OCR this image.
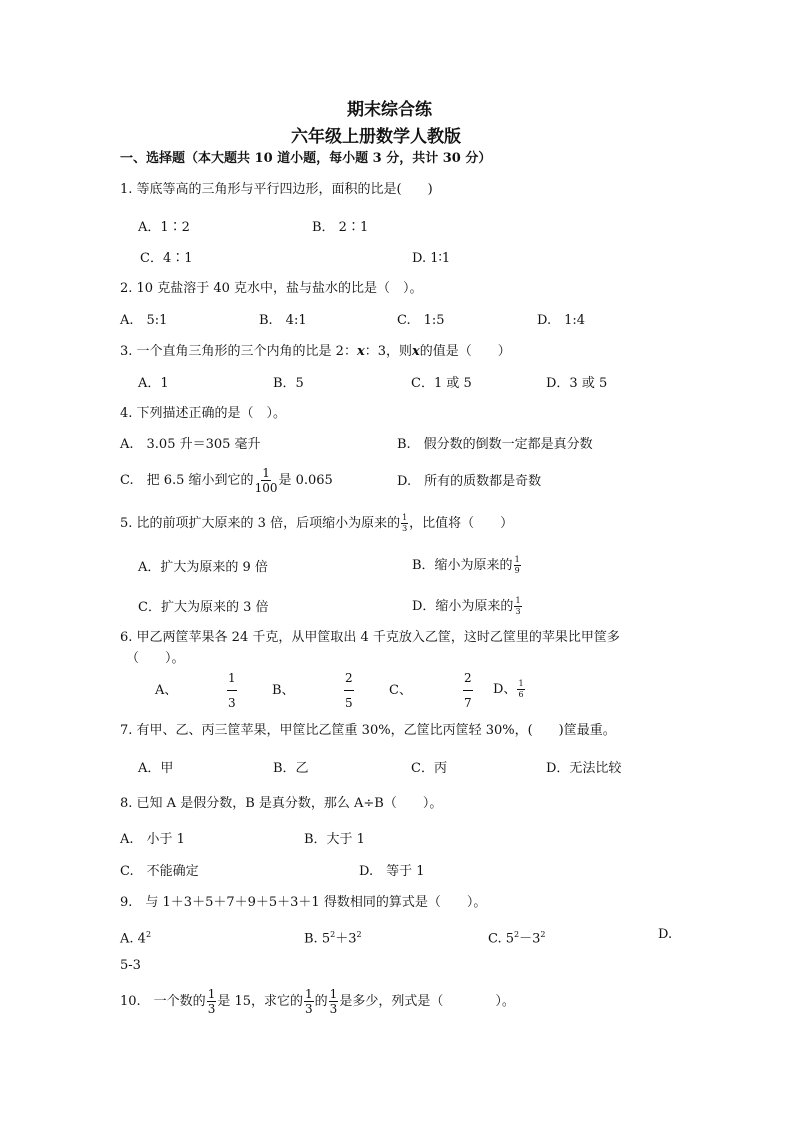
期末综合练
六年级上册数学人教版
一、选择题（本大题共 10 道小题，每小题 3 分，共计 30 分）
1. 等底等高的三角形与平行四边形，面积的比是(　　)
A．1∶2	B． 2∶1
C．4∶1	D. 1∶1
2. 10 克盐溶于 40 克水中，盐与盐水的比是（　）。
A.　5:1	B.　4:1	C.　1:5	D.　1:4
3. 一个直角三角形的三个内角的比是 2：x：3，则x的值是（　　）
A．1	B．5	C．1 或 5	D．3 或 5
4. 下列描述正确的是（　）。
A.　3.05 升＝305 毫升	B.　假分数的倒数一定都是真分数
C.　把 6.5 缩小到它的 $\frac{1}{100}$ 是 0.065	D.　所有的质数都是奇数
5. 比的前项扩大原来的 3 倍，后项缩小为原来的 $\frac{1}{3}$ ，比值将（　　）
A．扩大为原来的 9 倍	B．缩小为原来的 $\frac{1}{9}$
C．扩大为原来的 3 倍	D．缩小为原来的 $\frac{1}{3}$
6. 甲乙两筐苹果各 24 千克，从甲筐取出 4 千克放入乙筐，这时乙筐里的苹果比甲筐多
（　　）。
A、	$\frac{1}{3}$	B、	$\frac{2}{5}$	C、	$\frac{2}{7}$ D、 $\frac{1}{6}$
7. 有甲、乙、丙三筐苹果，甲筐比乙筐重 30%，乙筐比丙筐轻 30%，(　　)筐最重。
A．甲	B．乙	C．丙	D．无法比较
8. 已知 A 是假分数，B 是真分数，那么 A÷B（　　）。
A.　小于 1	B．大于 1
C.　不能确定	D.　等于 1
9.　与 1＋3＋5＋7＋9＋5＋3＋1 得数相同的算式是（　　）。
A. $4^2$	B. $5^2+3^2$	C. $5^2-3^2$	D.
5-3
10.　一个数的 $\frac{1}{3}$ 是 15，求它的 $\frac{1}{3}$ 的 $\frac{1}{3}$ 是多少，列式是（　　　　）。
